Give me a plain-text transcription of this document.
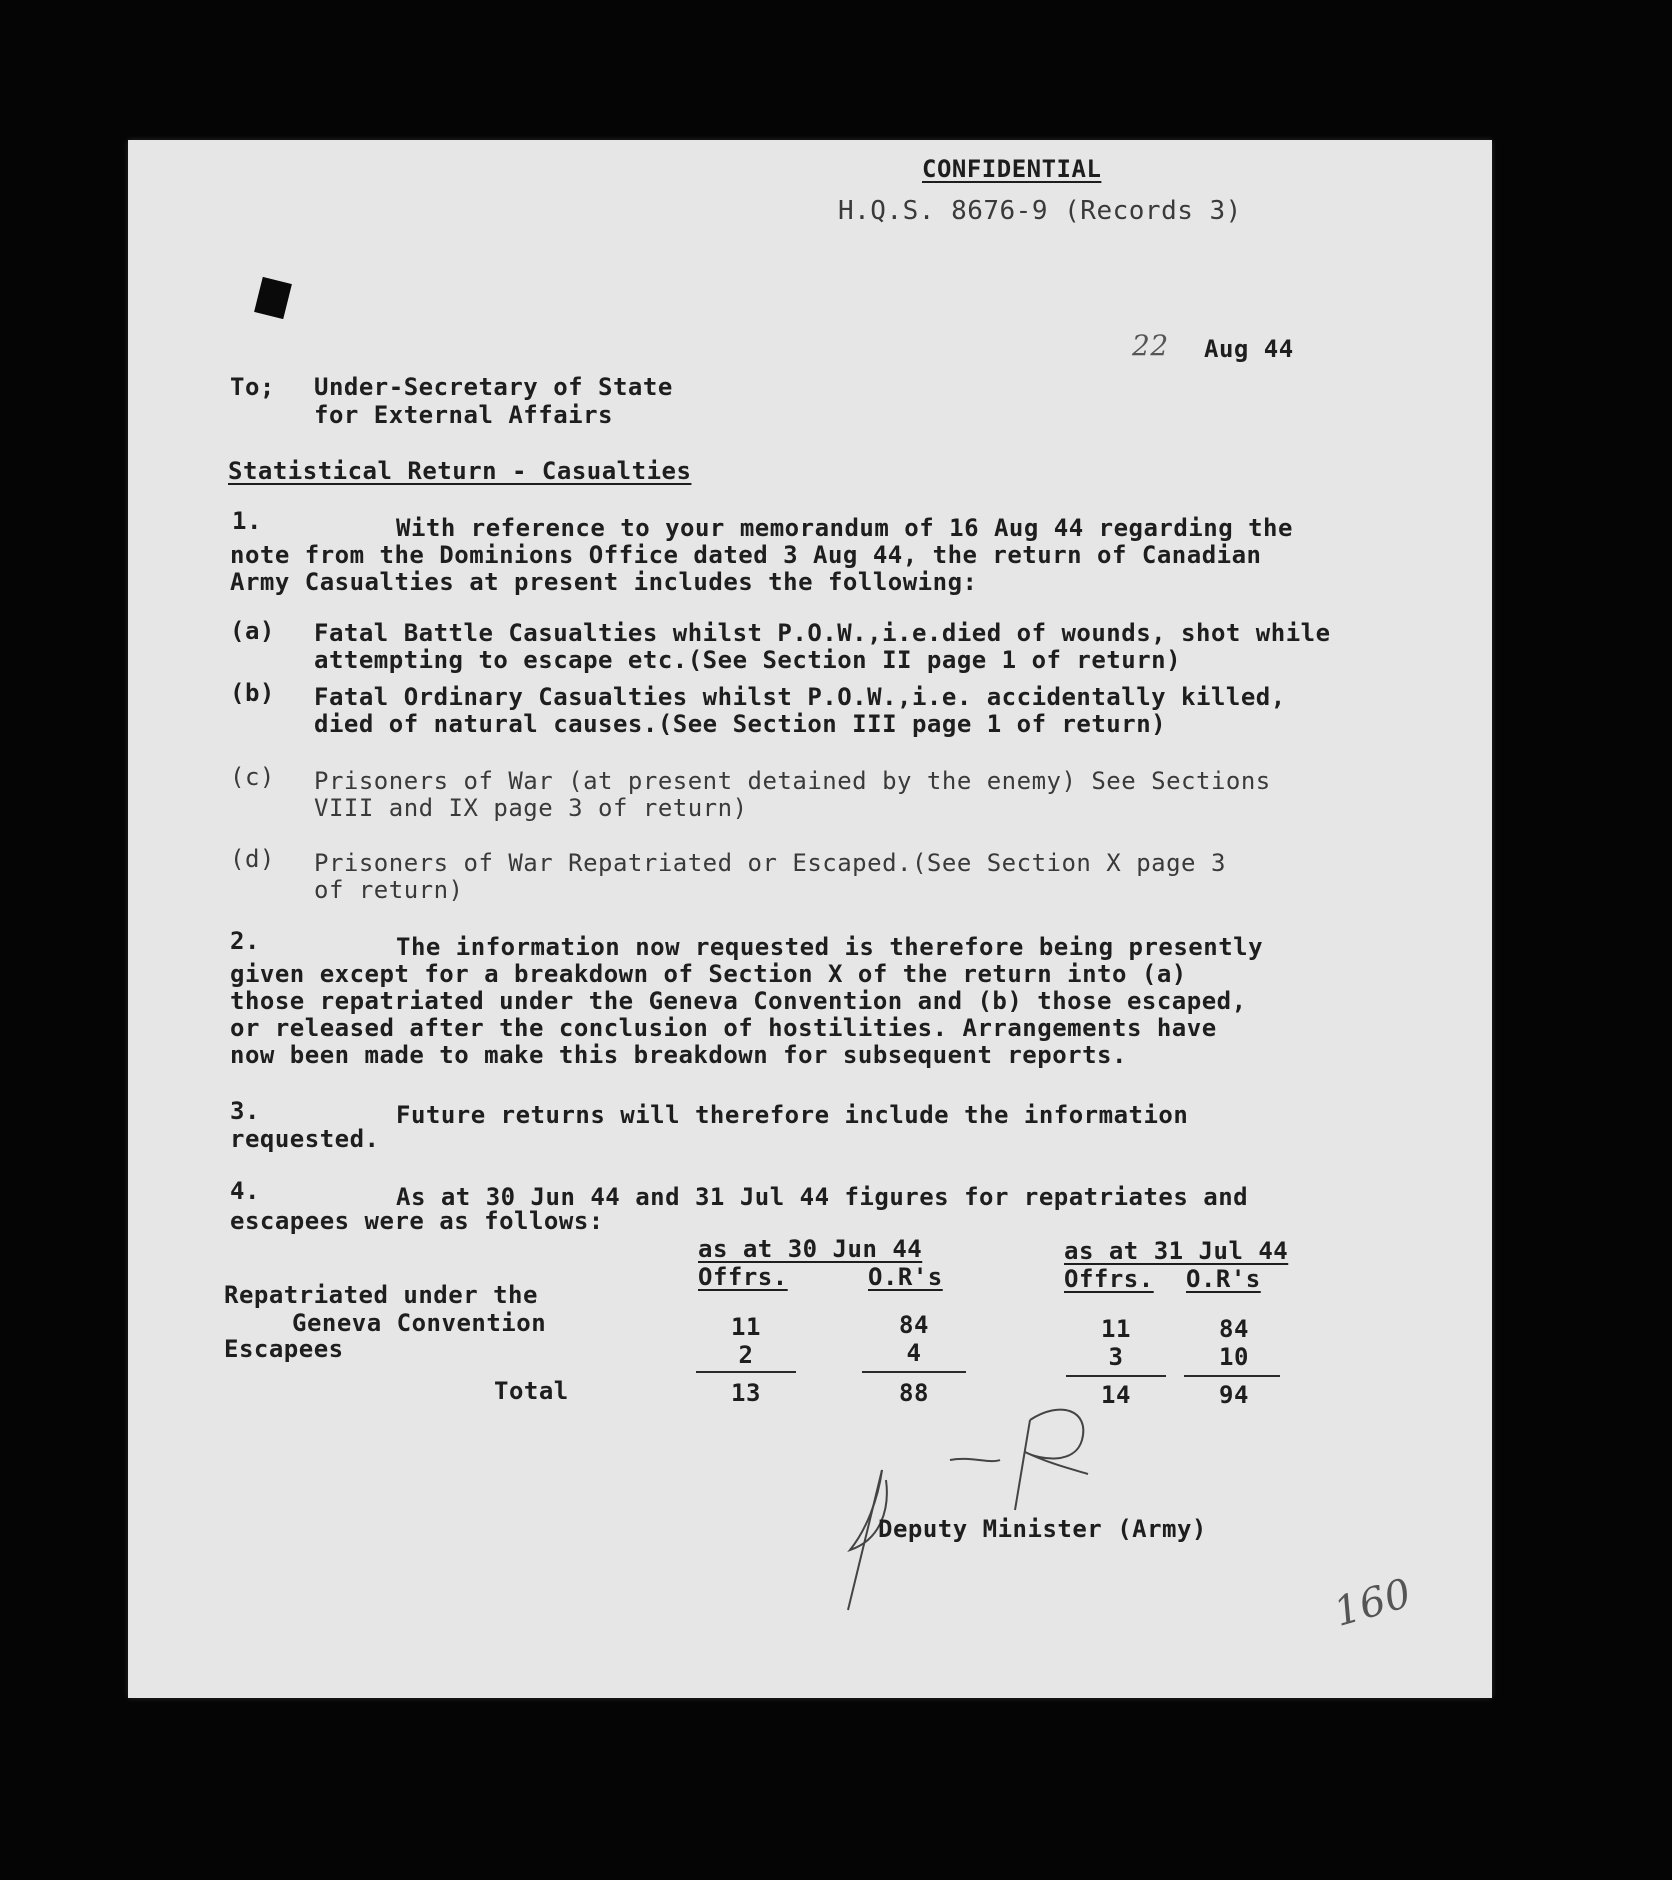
CONFIDENTIAL
H.Q.S. 8676-9 (Records 3)
22 Aug 44
To; Under-Secretary of State
for External Affairs
Statistical Return - Casualties
1.	With reference to your memorandum of 16 Aug 44 regarding the
note from the Dominions Office dated 3 Aug 44, the return of Canadian
Army Casualties at present includes the following:
(a) Fatal Battle Casualties whilst P.O.W.,i.e.died of wounds, shot while
attempting to escape etc.(See Section II page 1 of return)
(b) Fatal Ordinary Casualties whilst P.O.W.,i.e. accidentally killed,
died of natural causes.(See Section III page 1 of return)
(c) Prisoners of War (at present detained by the enemy) See Sections
VIII and IX page 3 of return)
(d) Prisoners of War Repatriated or Escaped.(See Section X page 3
of return)
2.	The information now requested is therefore being presently
given except for a breakdown of Section X of the return into (a)
those repatriated under the Geneva Convention and (b) those escaped,
or released after the conclusion of hostilities. Arrangements have
now been made to make this breakdown for subsequent reports.
3.	Future returns will therefore include the information
requested.
4.	As at 30 Jun 44 and 31 Jul 44 figures for repatriates and
escapees were as follows:
as at 30 Jun 44	as at 31 Jul 44
Offrs.	O.R's	Offrs. O.R's
Repatriated under the
Geneva Convention	11	84	11	84
Escapees	2	4	3	10
Total	13	88	14	94
Deputy Minister (Army)
160
